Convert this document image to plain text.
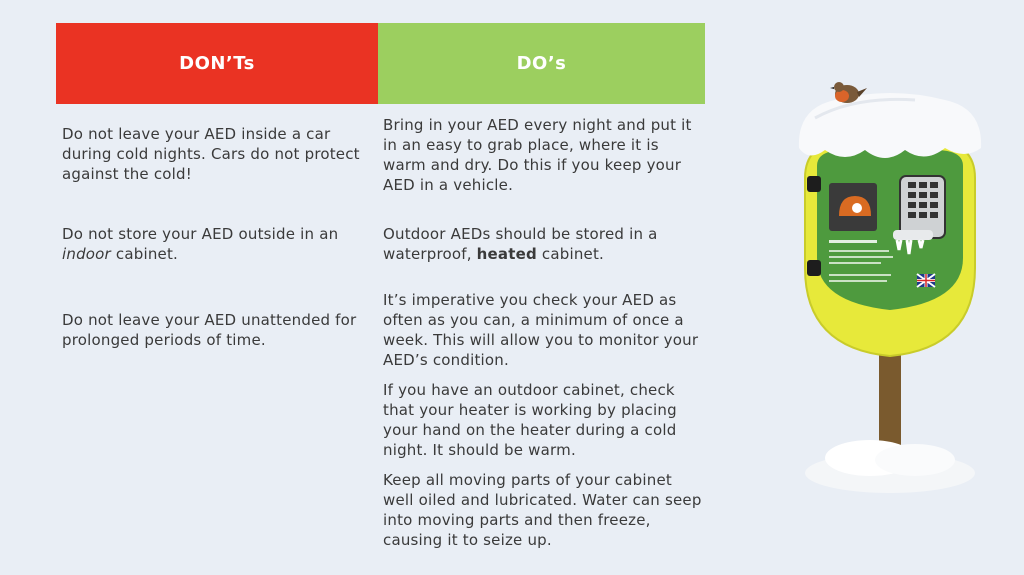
DON’Ts	DO’s

Do not leave your AED inside a car during cold nights. Cars do not protect against the cold!

Do not store your AED outside in an indoor cabinet.

Do not leave your AED unattended for prolonged periods of time.

Bring in your AED every night and put it in an easy to grab place, where it is warm and dry. Do this if you keep your AED in a vehicle.

Outdoor AEDs should be stored in a waterproof, heated cabinet.

It’s imperative you check your AED as often as you can, a minimum of once a week. This will allow you to monitor your AED’s condition.

If you have an outdoor cabinet, check that your heater is working by placing your hand on the heater during a cold night. It should be warm.

Keep all moving parts of your cabinet well oiled and lubricated. Water can seep into moving parts and then freeze, causing it to seize up.
